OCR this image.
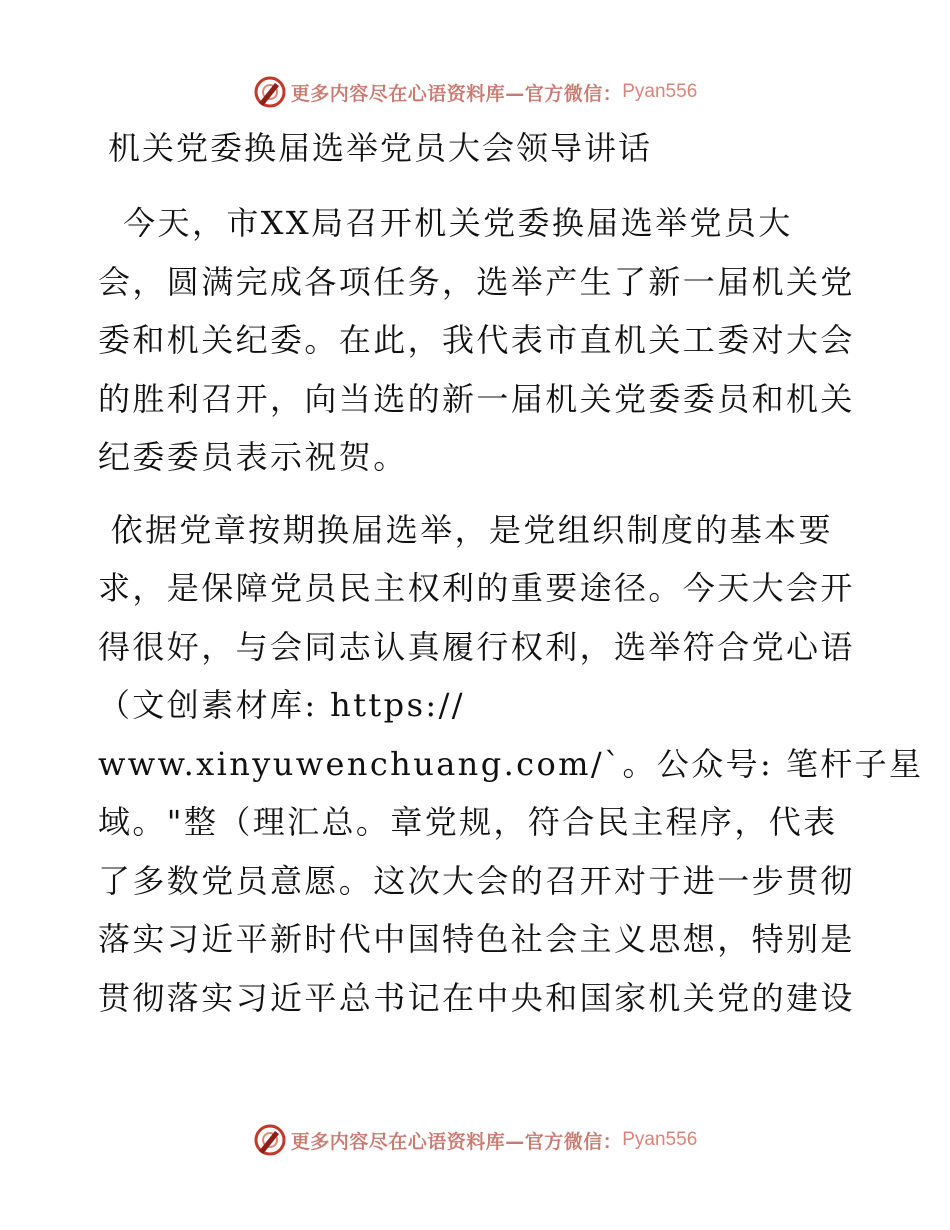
更多内容尽在心语资料库—官方微信： Pyan556
机关党委换届选举党员大会领导讲话

今天，市XX局召开机关党委换届选举党员大
会，圆满完成各项任务，选举产生了新一届机关党
委和机关纪委。在此，我代表市直机关工委对大会
的胜利召开，向当选的新一届机关党委委员和机关
纪委委员表示祝贺。

依据党章按期换届选举，是党组织制度的基本要
求，是保障党员民主权利的重要途径。今天大会开
得很好，与会同志认真履行权利，选举符合党心语
（文创素材库: https://
www.xinyuwenchuang.com/`。公众号: 笔杆子星
域。"整（理汇总。章党规，符合民主程序，代表
了多数党员意愿。这次大会的召开对于进一步贯彻
落实习近平新时代中国特色社会主义思想，特别是
贯彻落实习近平总书记在中央和国家机关党的建设

更多内容尽在心语资料库—官方微信： Pyan556
